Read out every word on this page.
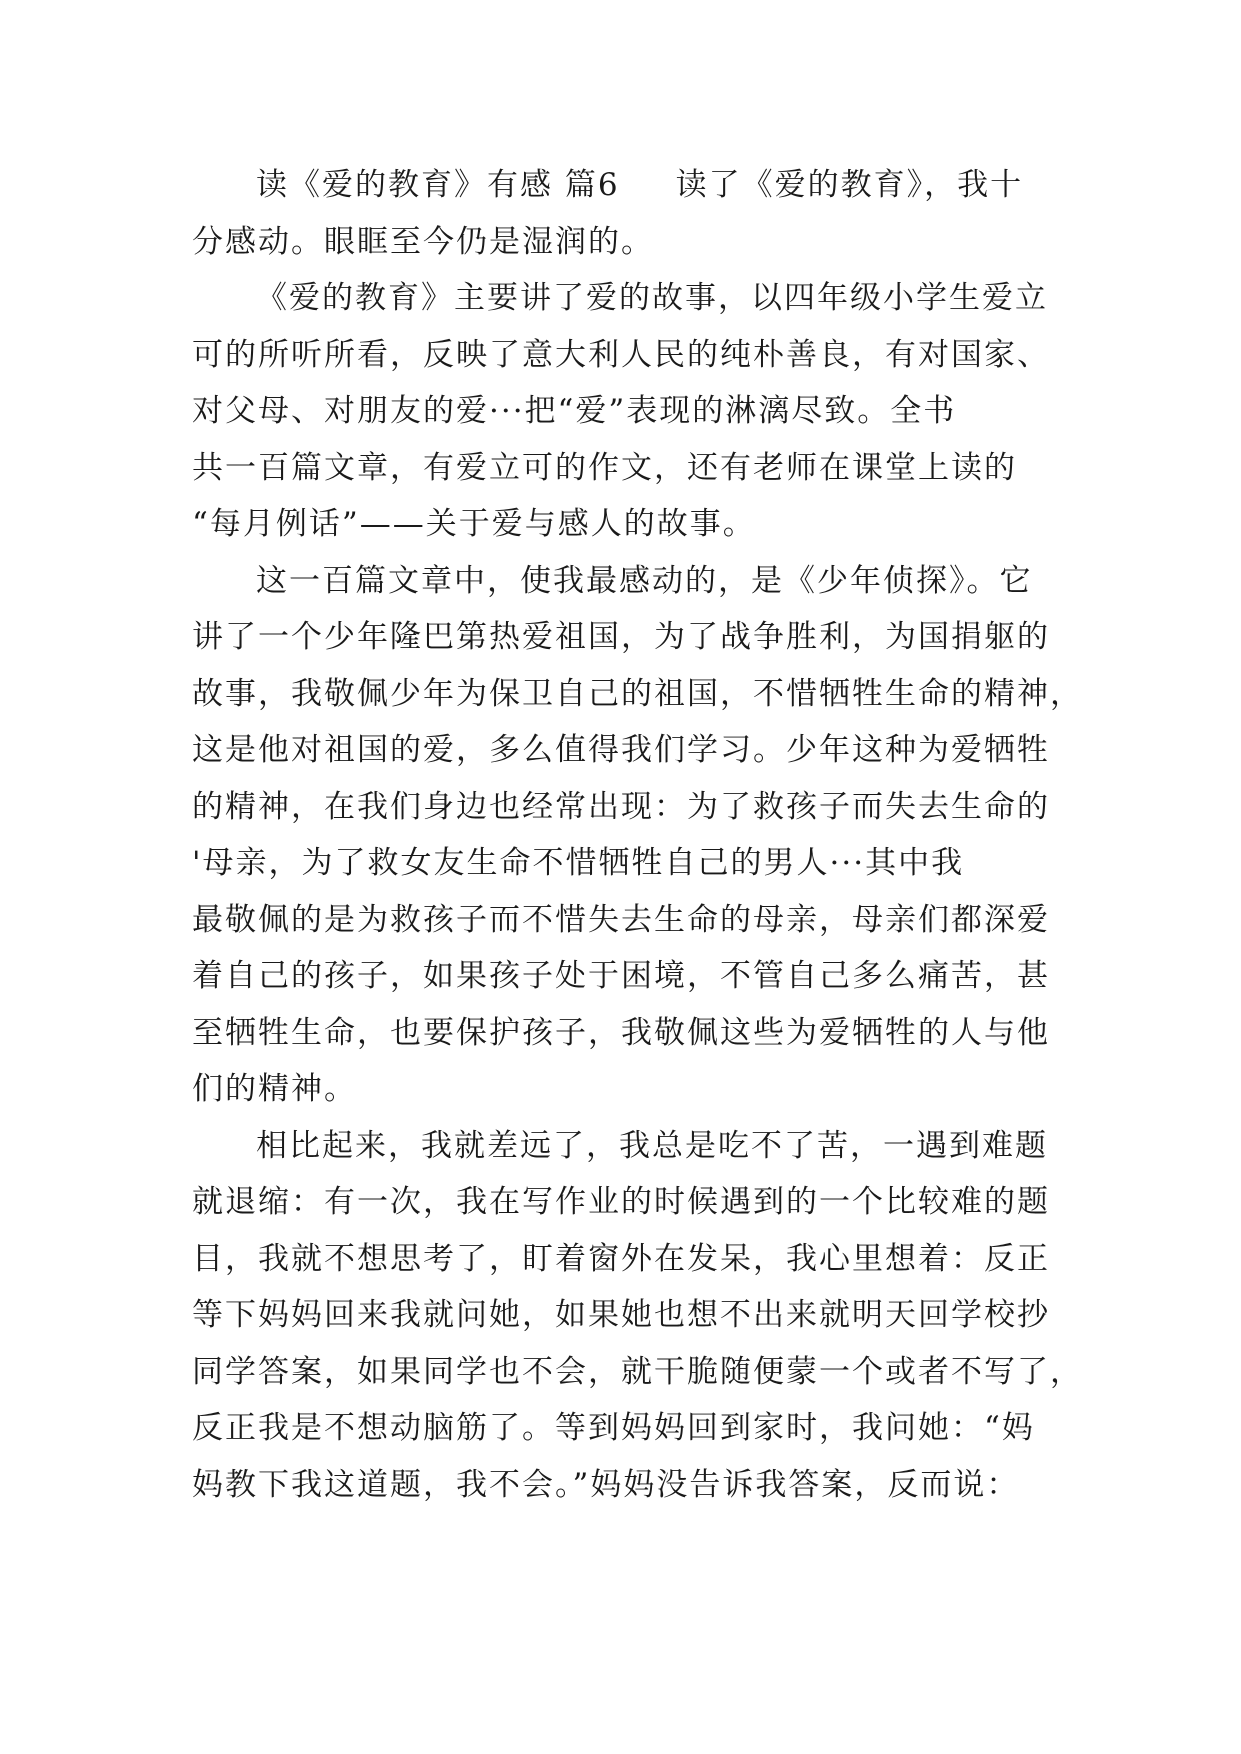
读《爱的教育》有感 篇6 读了《爱的教育》，我十
分感动。眼眶至今仍是湿润的。
《爱的教育》主要讲了爱的故事，以四年级小学生爱立
可的所听所看，反映了意大利人民的纯朴善良，有对国家、
对父母、对朋友的爱···把“爱”表现的淋漓尽致。全书
共一百篇文章，有爱立可的作文，还有老师在课堂上读的
“每月例话”——关于爱与感人的故事。
这一百篇文章中，使我最感动的，是《少年侦探》。它
讲了一个少年隆巴第热爱祖国，为了战争胜利，为国捐躯的
故事，我敬佩少年为保卫自己的祖国，不惜牺牲生命的精神，
这是他对祖国的爱，多么值得我们学习。少年这种为爱牺牲
的精神，在我们身边也经常出现：为了救孩子而失去生命的
'母亲，为了救女友生命不惜牺牲自己的男人···其中我
最敬佩的是为救孩子而不惜失去生命的母亲，母亲们都深爱
着自己的孩子，如果孩子处于困境，不管自己多么痛苦，甚
至牺牲生命，也要保护孩子，我敬佩这些为爱牺牲的人与他
们的精神。
相比起来，我就差远了，我总是吃不了苦，一遇到难题
就退缩：有一次，我在写作业的时候遇到的一个比较难的题
目，我就不想思考了，盯着窗外在发呆，我心里想着：反正
等下妈妈回来我就问她，如果她也想不出来就明天回学校抄
同学答案，如果同学也不会，就干脆随便蒙一个或者不写了，
反正我是不想动脑筋了。等到妈妈回到家时，我问她：“妈
妈教下我这道题，我不会。”妈妈没告诉我答案，反而说：
